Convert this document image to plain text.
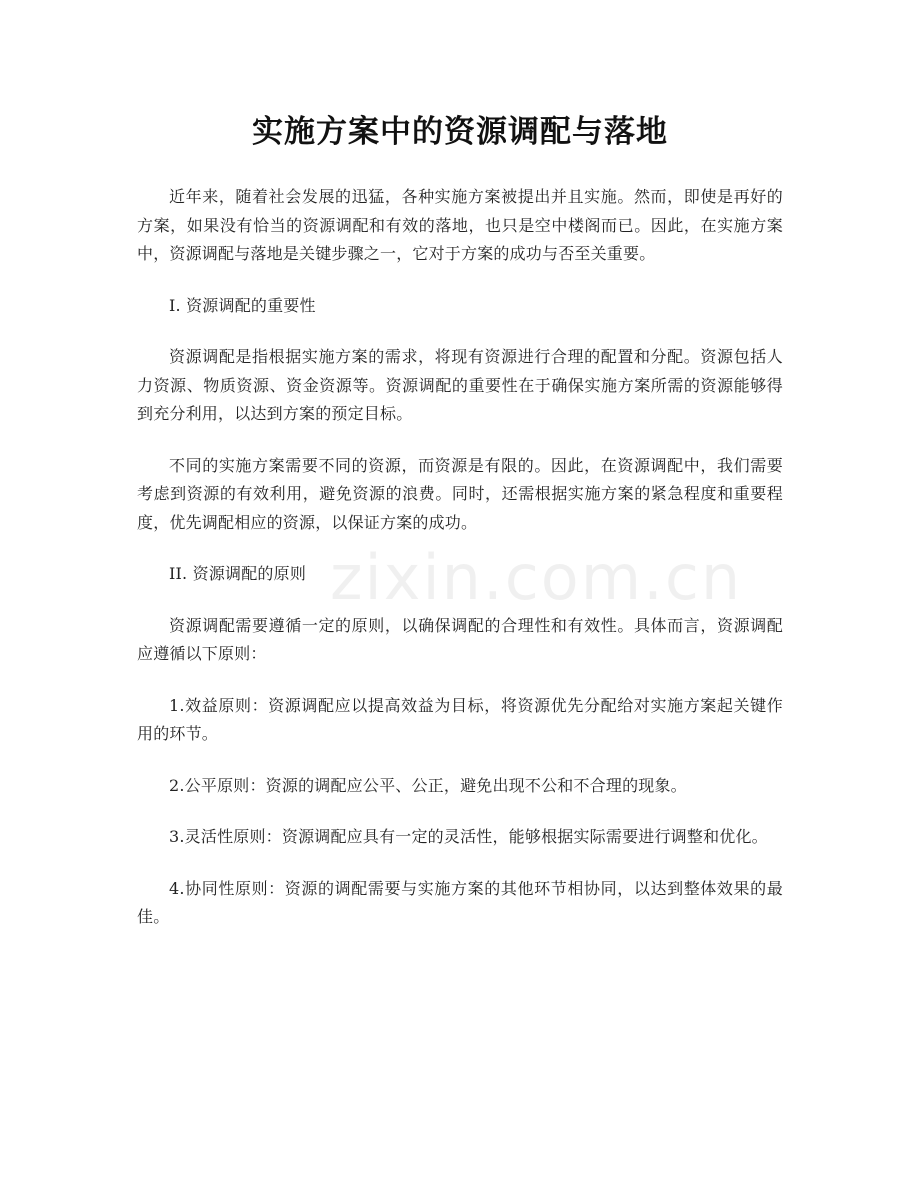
zixin.com.cn
实施方案中的资源调配与落地

近年来，随着社会发展的迅猛，各种实施方案被提出并且实施。然而，即使是再好的方案，如果没有恰当的资源调配和有效的落地，也只是空中楼阁而已。因此，在实施方案中，资源调配与落地是关键步骤之一，它对于方案的成功与否至关重要。

I. 资源调配的重要性

资源调配是指根据实施方案的需求，将现有资源进行合理的配置和分配。资源包括人力资源、物质资源、资金资源等。资源调配的重要性在于确保实施方案所需的资源能够得到充分利用，以达到方案的预定目标。

不同的实施方案需要不同的资源，而资源是有限的。因此，在资源调配中，我们需要考虑到资源的有效利用，避免资源的浪费。同时，还需根据实施方案的紧急程度和重要程度，优先调配相应的资源，以保证方案的成功。

II. 资源调配的原则

资源调配需要遵循一定的原则，以确保调配的合理性和有效性。具体而言，资源调配应遵循以下原则：

1.效益原则：资源调配应以提高效益为目标，将资源优先分配给对实施方案起关键作用的环节。

2.公平原则：资源的调配应公平、公正，避免出现不公和不合理的现象。

3.灵活性原则：资源调配应具有一定的灵活性，能够根据实际需要进行调整和优化。

4.协同性原则：资源的调配需要与实施方案的其他环节相协同，以达到整体效果的最佳。
